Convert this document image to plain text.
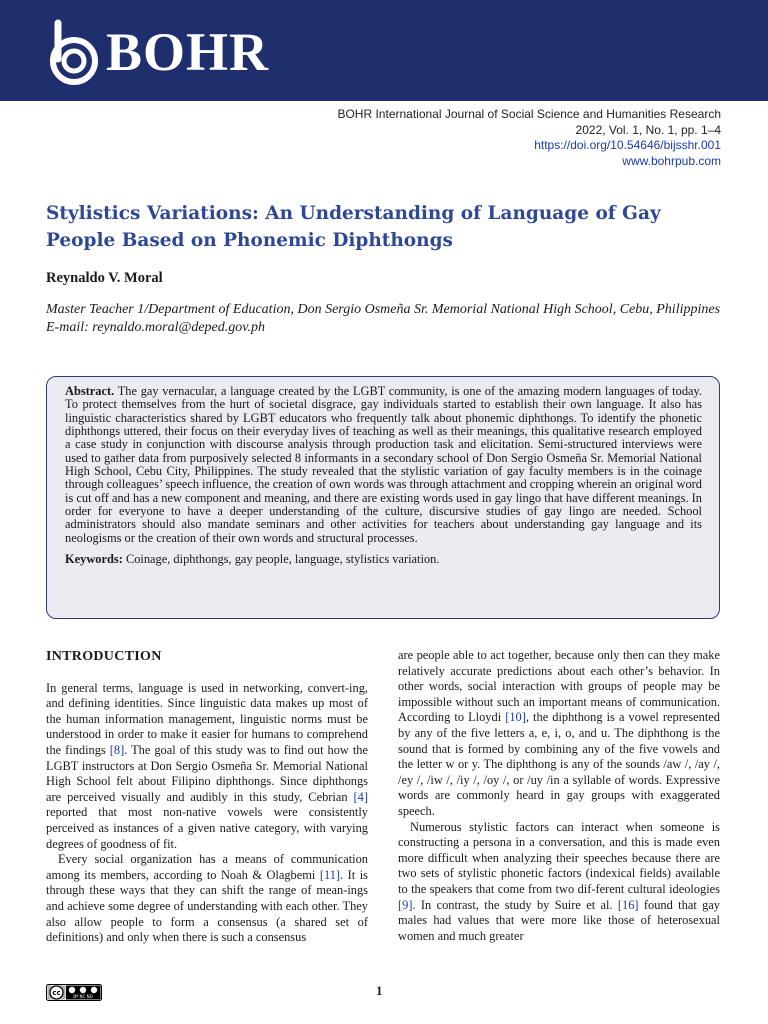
BOHR
BOHR International Journal of Social Science and Humanities Research
2022, Vol. 1, No. 1, pp. 1–4
https://doi.org/10.54646/bijsshr.001
www.bohrpub.com
Stylistics Variations: An Understanding of Language of Gay People Based on Phonemic Diphthongs
Reynaldo V. Moral
Master Teacher 1/Department of Education, Don Sergio Osmeña Sr. Memorial National High School, Cebu, Philippines
E-mail: reynaldo.moral@deped.gov.ph

Abstract. The gay vernacular, a language created by the LGBT community, is one of the amazing modern languages of today. To protect themselves from the hurt of societal disgrace, gay individuals started to establish their own language. It also has linguistic characteristics shared by LGBT educators who frequently talk about phonemic diphthongs. To identify the phonetic diphthongs uttered, their focus on their everyday lives of teaching as well as their meanings, this qualitative research employed a case study in conjunction with discourse analysis through production task and elicitation. Semi-structured interviews were used to gather data from purposively selected 8 informants in a secondary school of Don Sergio Osmeña Sr. Memorial National High School, Cebu City, Philippines. The study revealed that the stylistic variation of gay faculty members is in the coinage through colleagues’ speech influence, the creation of own words was through attachment and cropping wherein an original word is cut off and has a new component and meaning, and there are existing words used in gay lingo that have different meanings. In order for everyone to have a deeper understanding of the culture, discursive studies of gay lingo are needed. School administrators should also mandate seminars and other activities for teachers about understanding gay language and its neologisms or the creation of their own words and structural processes.

Keywords: Coinage, diphthongs, gay people, language, stylistics variation.

INTRODUCTION

In general terms, language is used in networking, convert-ing, and defining identities. Since linguistic data makes up most of the human information management, linguistic norms must be understood in order to make it easier for humans to comprehend the findings [8]. The goal of this study was to find out how the LGBT instructors at Don Sergio Osmeña Sr. Memorial National High School felt about Filipino diphthongs. Since diphthongs are perceived visually and audibly in this study, Cebrian [4] reported that most non-native vowels were consistently perceived as instances of a given native category, with varying degrees of goodness of fit.

Every social organization has a means of communication among its members, according to Noah & Olagbemi [11]. It is through these ways that they can shift the range of mean-ings and achieve some degree of understanding with each other. They also allow people to form a consensus (a shared set of definitions) and only when there is such a consensus

are people able to act together, because only then can they make relatively accurate predictions about each other’s behavior. In other words, social interaction with groups of people may be impossible without such an important means of communication. According to Lloydi [10], the diphthong is a vowel represented by any of the five letters a, e, i, o, and u. The diphthong is the sound that is formed by combining any of the five vowels and the letter w or y. The diphthong is any of the sounds /aw /, /ay /, /ey /, /iw /, /iy /, /oy /, or /uy /in a syllable of words. Expressive words are commonly heard in gay groups with exaggerated speech.

Numerous stylistic factors can interact when someone is constructing a persona in a conversation, and this is made even more difficult when analyzing their speeches because there are two sets of stylistic phonetic factors (indexical fields) available to the speakers that come from two dif-ferent cultural ideologies [9]. In contrast, the study by Suire et al. [16] found that gay males had values that were more like those of heterosexual women and much greater

cc	BY NC ND	1
